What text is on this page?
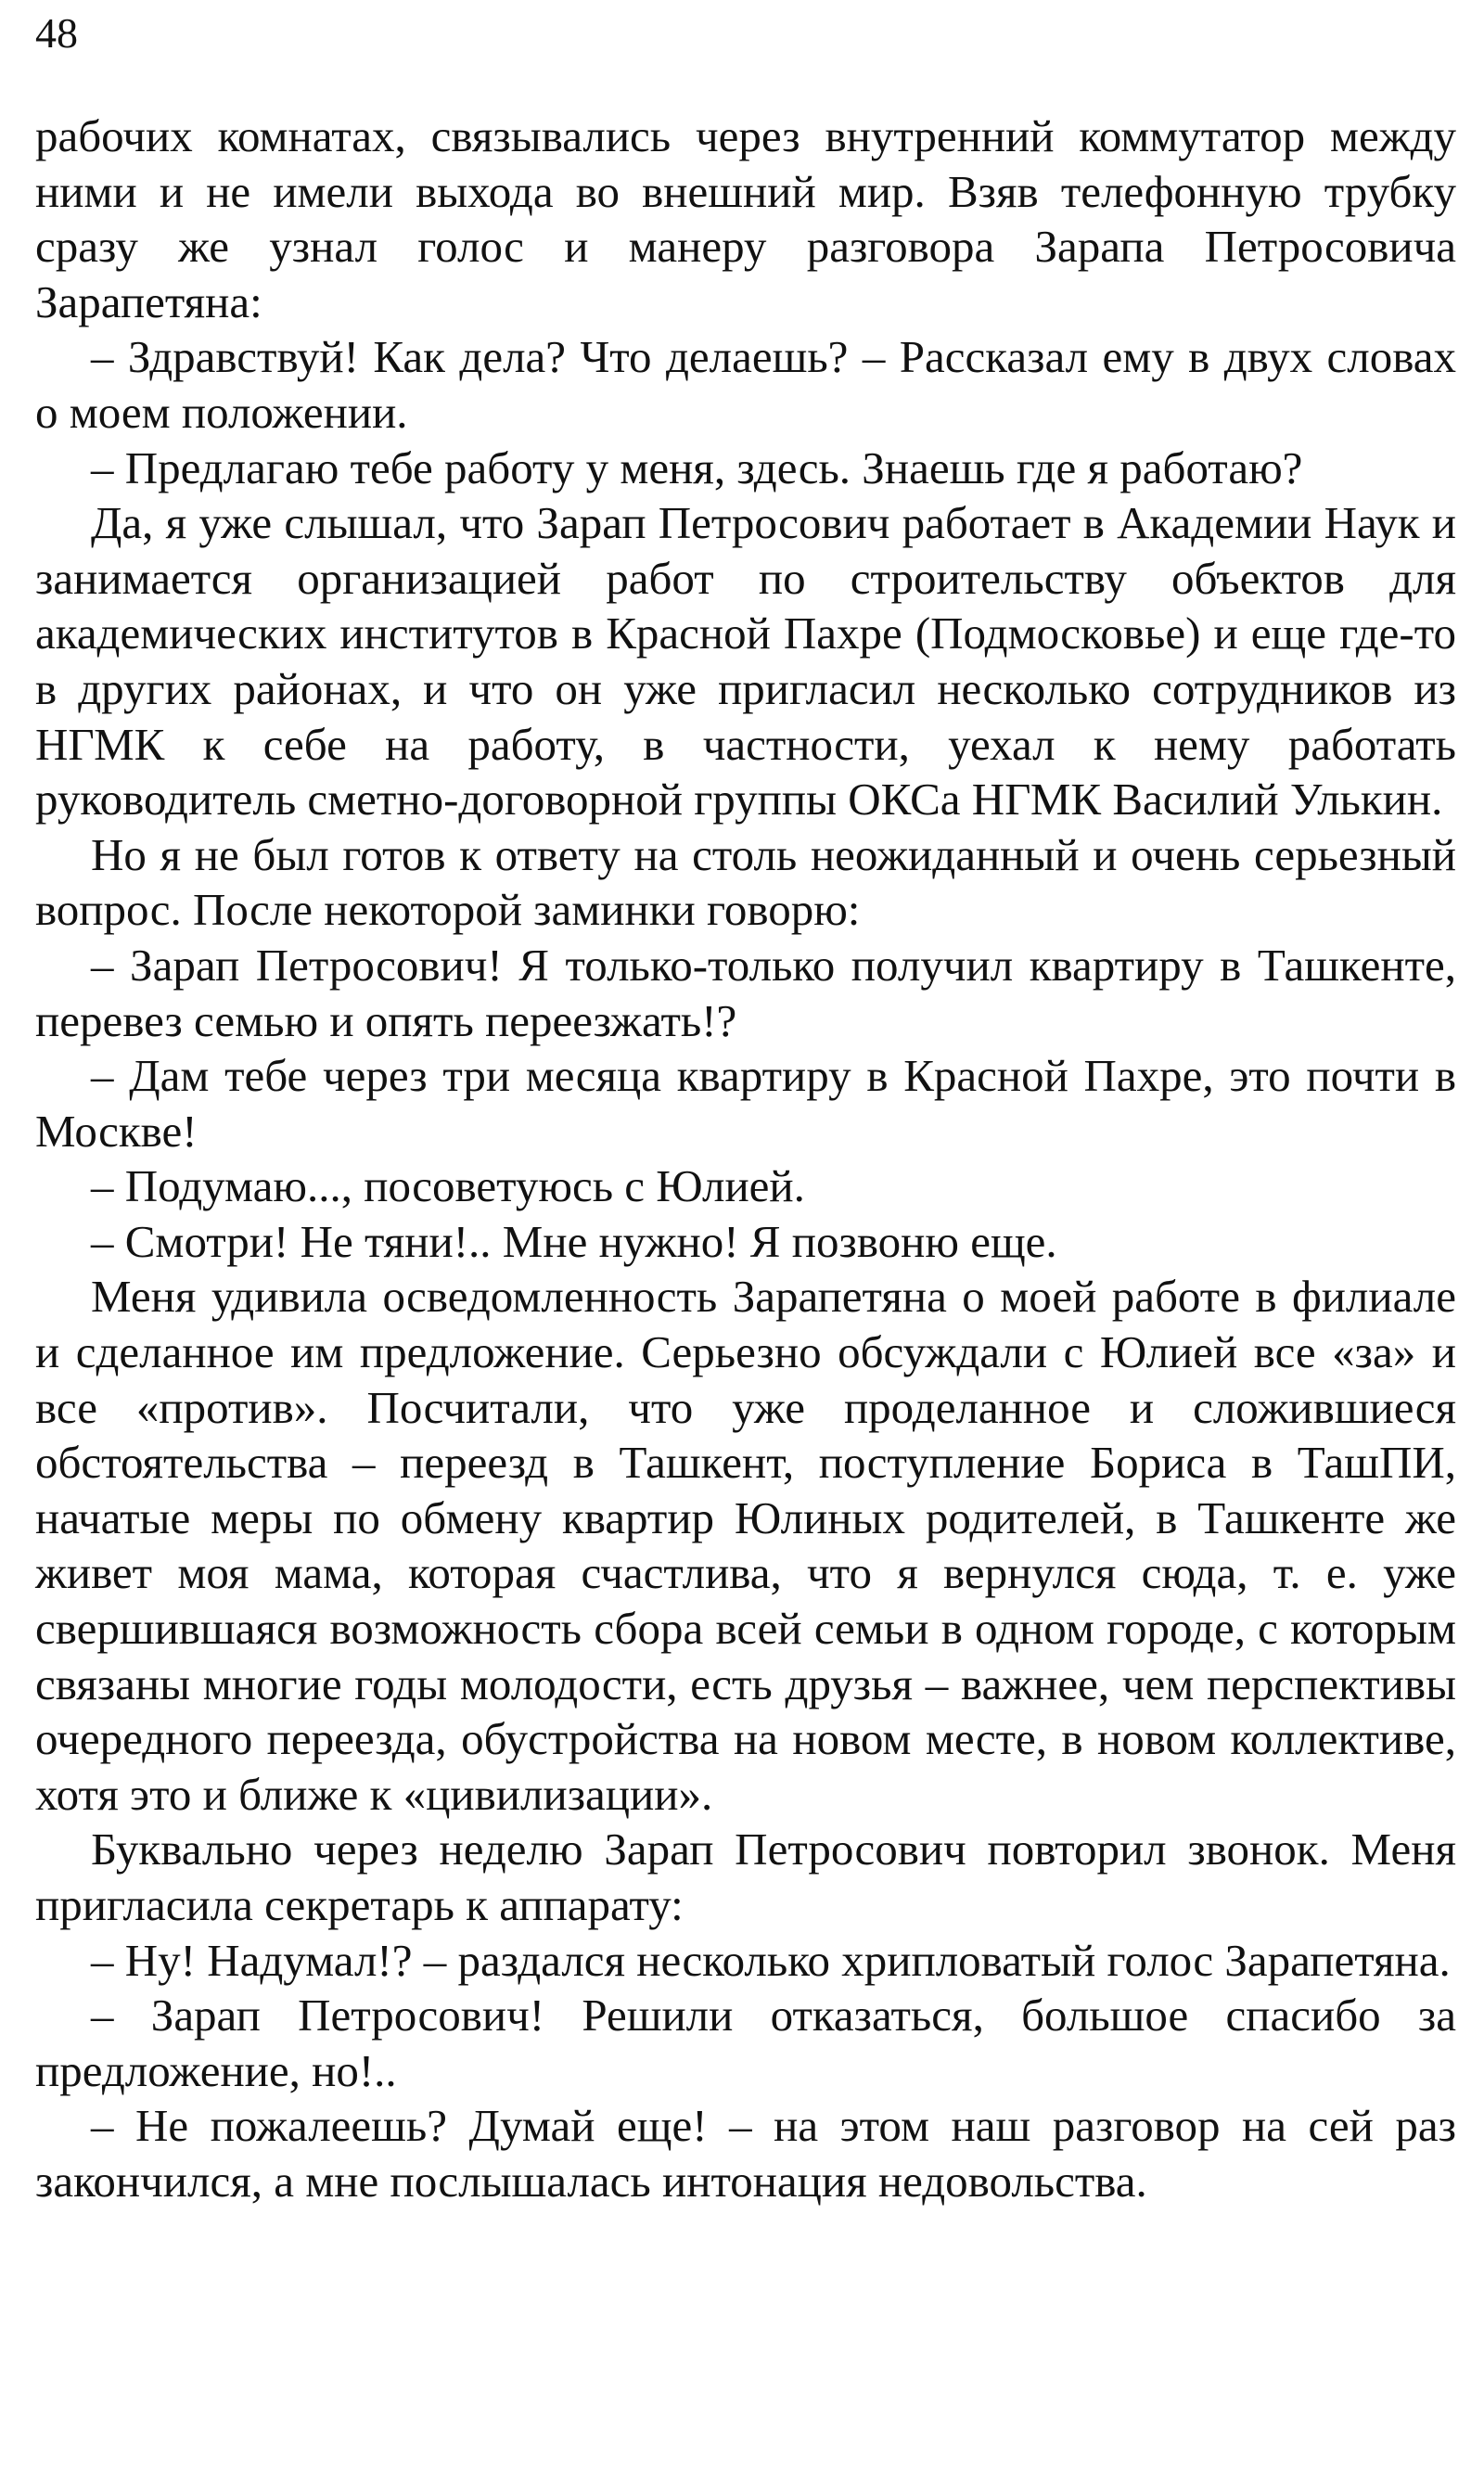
48

рабочих комнатах, связывались через внутренний коммутатор между ними и не имели выхода во внешний мир. Взяв телефонную трубку сразу же узнал голос и манеру разговора Зарапа Петросовича Зарапетяна:

– Здравствуй! Как дела? Что делаешь? – Рассказал ему в двух словах о моем положении.

– Предлагаю тебе работу у меня, здесь. Знаешь где я работаю?

Да, я уже слышал, что Зарап Петросович работает в Академии Наук и занимается организацией работ по строительству объектов для академических институтов в Красной Пахре (Подмосковье) и еще где-то в других районах, и что он уже пригласил несколько сотрудников из НГМК к себе на работу, в частности, уехал к нему работать руководитель сметно-договорной группы ОКСа НГМК Василий Улькин.

Но я не был готов к ответу на столь неожиданный и очень серьезный вопрос. После некоторой заминки говорю:

– Зарап Петросович! Я только-только получил квартиру в Ташкенте, перевез семью и опять переезжать!?

– Дам тебе через три месяца квартиру в Красной Пахре, это почти в Москве!

– Подумаю..., посоветуюсь с Юлией.

– Смотри! Не тяни!.. Мне нужно! Я позвоню еще.

Меня удивила осведомленность Зарапетяна о моей работе в филиале и сделанное им предложение. Серьезно обсуждали с Юлией все «за» и все «против». Посчитали, что уже проделанное и сложившиеся обстоятельства – переезд в Ташкент, поступление Бориса в ТашПИ, начатые меры по обмену квартир Юлиных родителей, в Ташкенте же живет моя мама, которая счастлива, что я вернулся сюда, т. е. уже свершившаяся возможность сбора всей семьи в одном городе, с которым связаны многие годы молодости, есть друзья – важнее, чем перспективы очередного переезда, обустройства на новом месте, в новом коллективе, хотя это и ближе к «цивилизации».

Буквально через неделю Зарап Петросович повторил звонок. Меня пригласила секретарь к аппарату:

– Ну! Надумал!? – раздался несколько хрипловатый голос Зарапетяна.

– Зарап Петросович! Решили отказаться, большое спасибо за предложение, но!..

– Не пожалеешь? Думай еще! – на этом наш разговор на сей раз закончился, а мне послышалась интонация недовольства.
